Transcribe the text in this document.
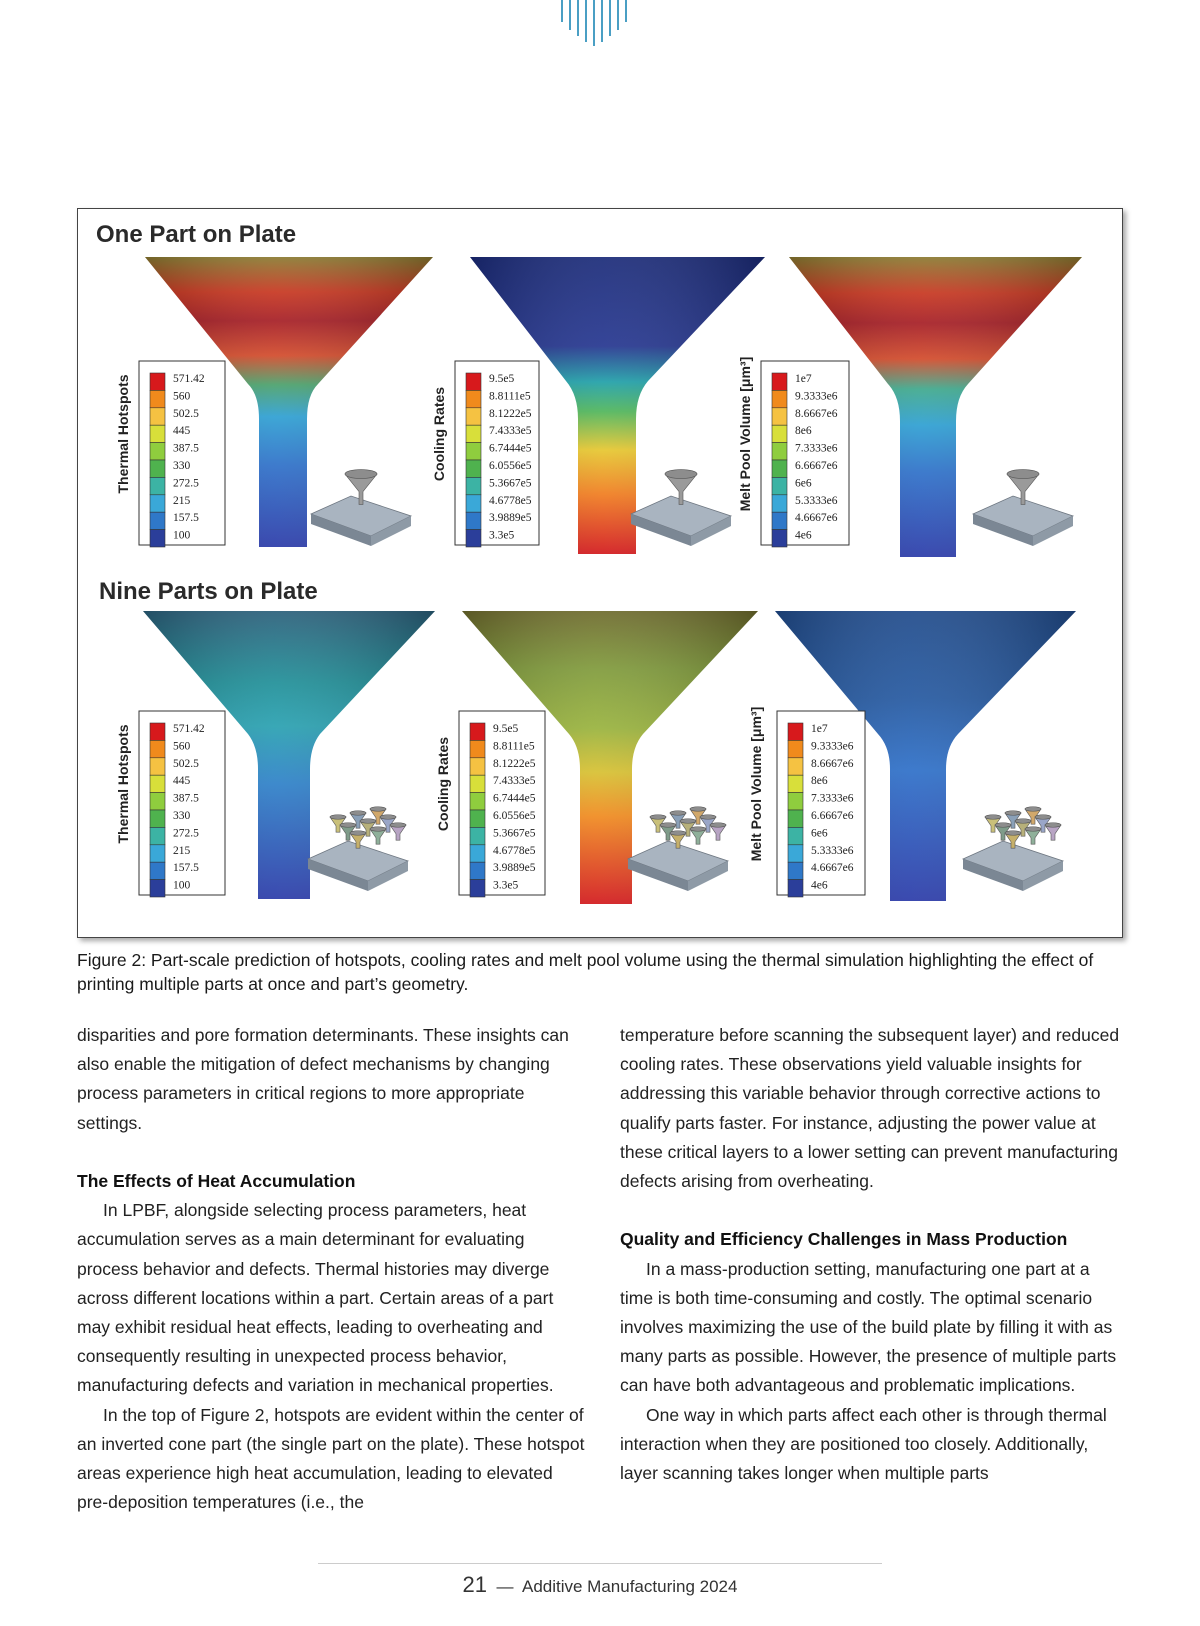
One Part on Plate
Nine Parts on Plate
571.42
560
502.5
445
387.5
330
272.5
215
157.5
100
Thermal Hotspots	9.5e5
8.8111e5
8.1222e5
7.4333e5
6.7444e5
6.0556e5
5.3667e5
4.6778e5
3.9889e5
3.3e5
Cooling Rates
1e7
9.3333e6
8.6667e6
8e6
7.3333e6
6.6667e6
6e6
5.3333e6
4.6667e6
4e6
Melt Pool Volume [μm³]
571.42
560
502.5
445
387.5
330
272.5
215
157.5
100
Thermal Hotspots	9.5e5
8.8111e5
8.1222e5
7.4333e5
6.7444e5
6.0556e5
5.3667e5
4.6778e5
3.9889e5
3.3e5
Cooling Rates
1e7
9.3333e6
8.6667e6
8e6
7.3333e6
6.6667e6
6e6
5.3333e6
4.6667e6
4e6
Melt Pool Volume [μm³]
Figure 2: Part-scale prediction of hotspots, cooling rates and melt pool volume using the thermal simulation highlighting the effect of printing multiple parts at once and part’s geometry.

disparities and pore formation determinants. These insights can also enable the mitigation of defect mechanisms by changing process parameters in critical regions to more appropriate settings.

The Effects of Heat Accumulation

In LPBF, alongside selecting process parameters, heat accumulation serves as a main determinant for evaluating process behavior and defects. Thermal histories may diverge across different locations within a part. Certain areas of a part may exhibit residual heat effects, leading to overheating and consequently resulting in unexpected process behavior, manufacturing defects and variation in mechanical properties.

In the top of Figure 2, hotspots are evident within the center of an inverted cone part (the single part on the plate). These hotspot areas experience high heat accumulation, leading to elevated pre-deposition temperatures (i.e., the

temperature before scanning the subsequent layer) and reduced cooling rates. These observations yield valuable insights for addressing this variable behavior through corrective actions to qualify parts faster. For instance, adjusting the power value at these critical layers to a lower setting can prevent manufacturing defects arising from overheating.

Quality and Efficiency Challenges in Mass Production

In a mass-production setting, manufacturing one part at a time is both time-consuming and costly. The optimal scenario involves maximizing the use of the build plate by filling it with as many parts as possible. However, the presence of multiple parts can have both advantageous and problematic implications.

One way in which parts affect each other is through thermal interaction when they are positioned too closely. Additionally, layer scanning takes longer when multiple parts

21 — Additive Manufacturing 2024
